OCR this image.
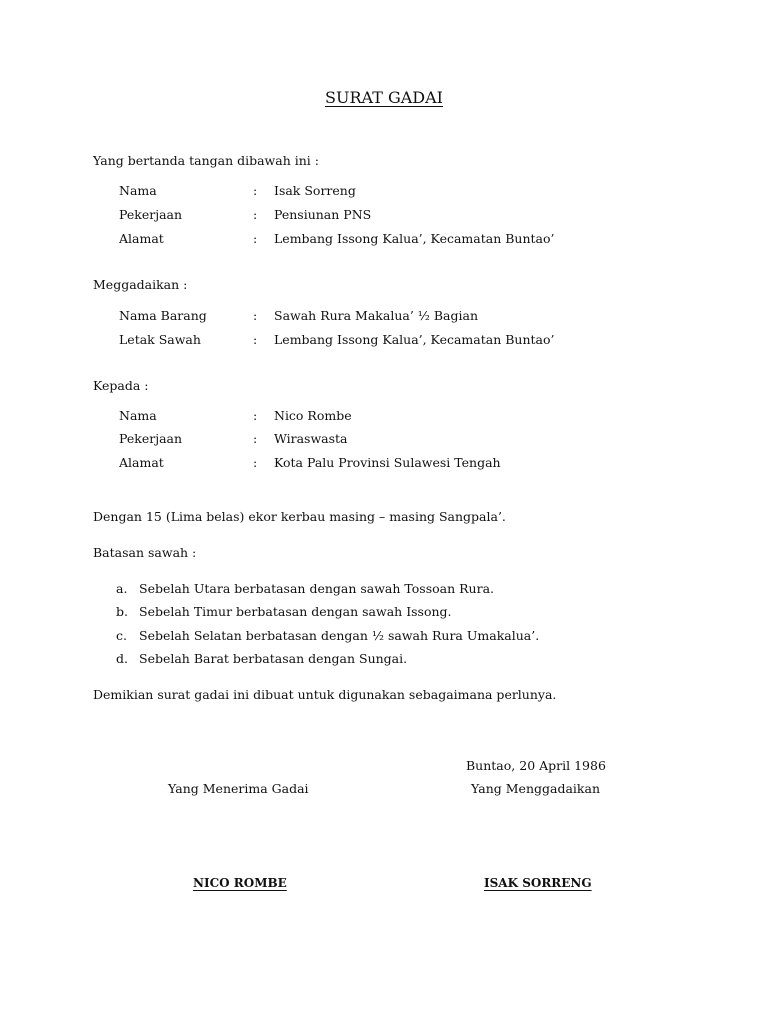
SURAT GADAI
Yang bertanda tangan dibawah ini :
Nama	: Isak Sorreng
Pekerjaan	: Pensiunan PNS
Alamat	: Lembang Issong Kalua’, Kecamatan Buntao’
Meggadaikan :
Nama Barang	: Sawah Rura Makalua’ ½ Bagian
Letak Sawah	: Lembang Issong Kalua’, Kecamatan Buntao’
Kepada :
Nama	: Nico Rombe
Pekerjaan	: Wiraswasta
Alamat	: Kota Palu Provinsi Sulawesi Tengah
Dengan 15 (Lima belas) ekor kerbau masing – masing Sangpala’.
Batasan sawah :
a. Sebelah Utara berbatasan dengan sawah Tossoan Rura.
b. Sebelah Timur berbatasan dengan sawah Issong.
c. Sebelah Selatan berbatasan dengan ½ sawah Rura Umakalua’.
d. Sebelah Barat berbatasan dengan Sungai.
Demikian surat gadai ini dibuat untuk digunakan sebagaimana perlunya.
Buntao, 20 April 1986
Yang Menerima Gadai	Yang Menggadaikan
NICO ROMBE	ISAK SORRENG
